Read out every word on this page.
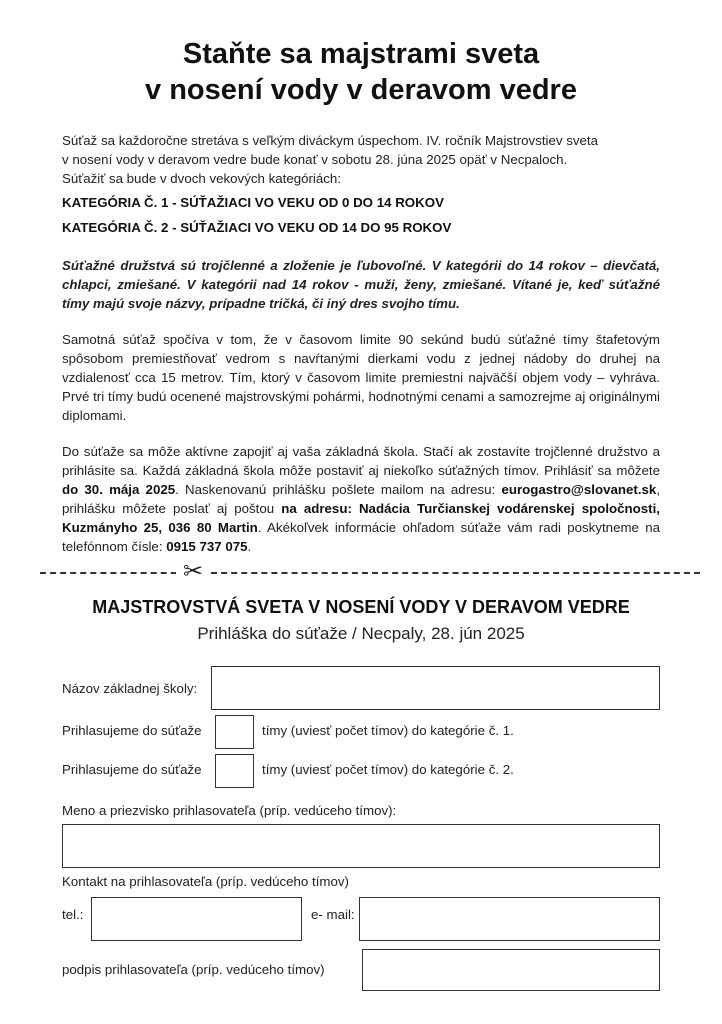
Staňte sa majstrami sveta
v nosení vody v deravom vedre
Súťaž sa každoročne stretáva s veľkým diváckym úspechom. IV. ročník Majstrovstiev sveta
v nosení vody v deravom vedre bude konať v sobotu 28. júna 2025 opäť v Necpaloch.
Súťažiť sa bude v dvoch vekových kategóriách:
KATEGÓRIA Č. 1 - SÚŤAŽIACI VO VEKU OD 0 DO 14 ROKOV
KATEGÓRIA Č. 2 - SÚŤAŽIACI VO VEKU OD 14 DO 95 ROKOV
Súťažné družstvá sú trojčlenné a zloženie je ľubovoľné. V kategórii do 14 rokov – dievčatá, chlapci, zmiešané. V kategórii nad 14 rokov - muži, ženy, zmiešané. Vítané je, keď súťažné tímy majú svoje názvy, prípadne tričká, či iný dres svojho tímu.
Samotná súťaž spočíva v tom, že v časovom limite 90 sekúnd budú súťažné tímy štafetovým spôsobom premiestňovať vedrom s navŕtanými dierkami vodu z jednej nádoby do druhej na vzdialenosť cca 15 metrov. Tím, ktorý v časovom limite premiestni najväčší objem vody – vyhráva. Prvé tri tímy budú ocenené majstrovskými pohármi, hodnotnými cenami a samozrejme aj originálnymi diplomami.
Do súťaže sa môže aktívne zapojiť aj vaša základná škola. Stačí ak zostavíte trojčlenné družstvo a prihlásite sa. Každá základná škola môže postaviť aj niekoľko súťažných tímov. Prihlásiť sa môžete do 30. mája 2025. Naskenovanú prihlášku pošlete mailom na adresu: eurogastro@slovanet.sk, prihlášku môžete poslať aj poštou na adresu: Nadácia Turčianskej vodárenskej spoločnosti, Kuzmányho 25, 036 80 Martin. Akékoľvek informácie ohľadom súťaže vám radi poskytneme na telefónnom čísle: 0915 737 075.
✂
MAJSTROVSTVÁ SVETA V NOSENÍ VODY V DERAVOM VEDRE
Prihláška do súťaže / Necpaly, 28. jún 2025
Názov základnej školy:
Prihlasujeme do súťaže	tímy (uviesť počet tímov) do kategórie č. 1.
Prihlasujeme do súťaže	tímy (uviesť počet tímov) do kategórie č. 2.
Meno a priezvisko prihlasovateľa (príp. vedúceho tímov):
Kontakt na prihlasovateľa (príp. vedúceho tímov)
tel.:	e- mail:
podpis prihlasovateľa (príp. vedúceho tímov)
